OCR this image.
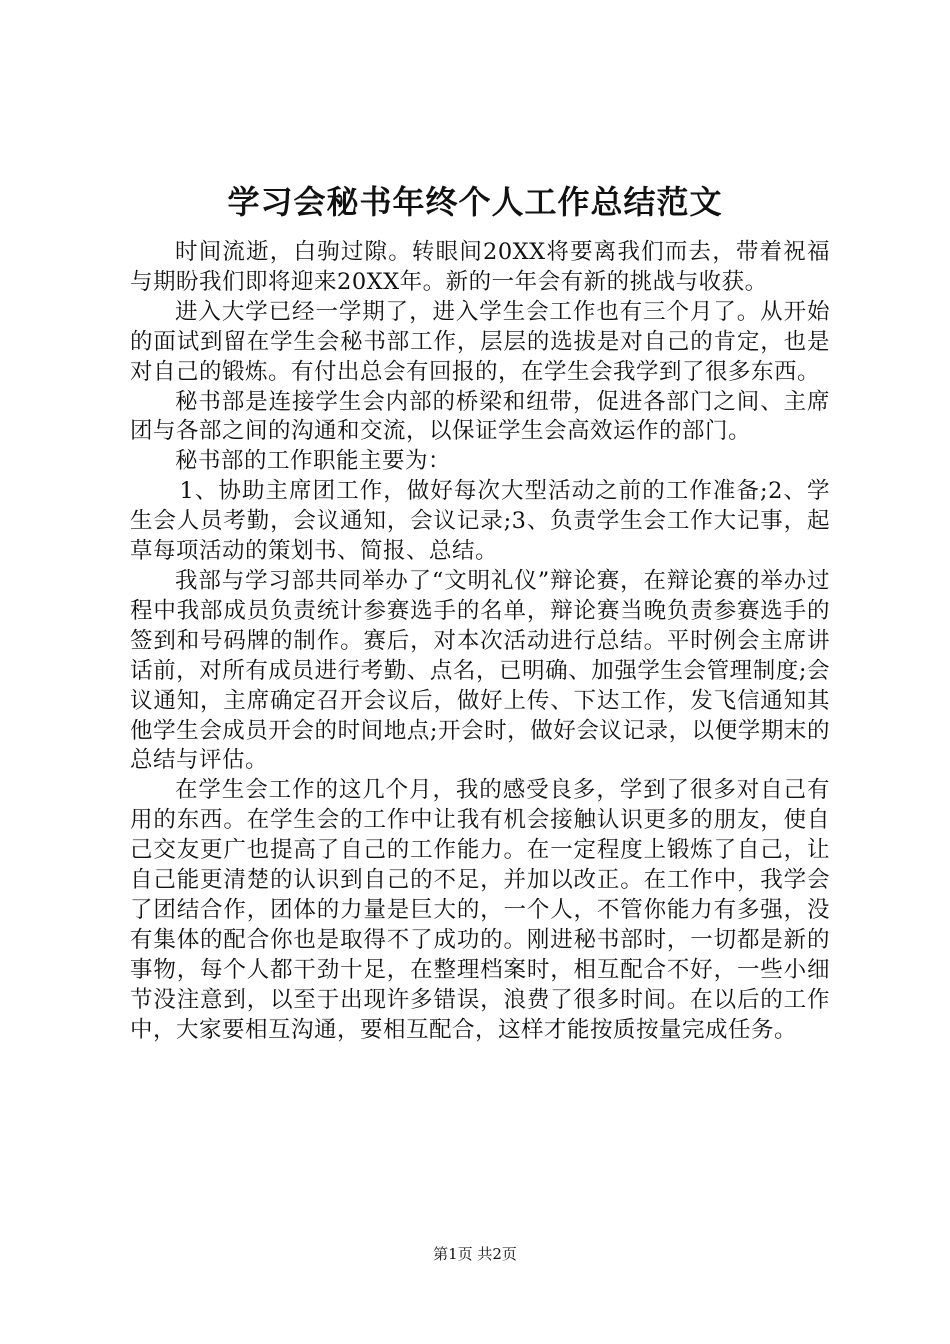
学习会秘书年终个人工作总结范文

时间流逝，白驹过隙。转眼间20XX将要离我们而去，带着祝福与期盼我们即将迎来20XX年。新的一年会有新的挑战与收获。

进入大学已经一学期了，进入学生会工作也有三个月了。从开始的面试到留在学生会秘书部工作，层层的选拔是对自己的肯定，也是对自己的锻炼。有付出总会有回报的，在学生会我学到了很多东西。

秘书部是连接学生会内部的桥梁和纽带，促进各部门之间、主席团与各部之间的沟通和交流，以保证学生会高效运作的部门。

秘书部的工作职能主要为：

1、协助主席团工作，做好每次大型活动之前的工作准备;2、学生会人员考勤，会议通知，会议记录;3、负责学生会工作大记事，起草每项活动的策划书、简报、总结。

我部与学习部共同举办了“文明礼仪”辩论赛，在辩论赛的举办过程中我部成员负责统计参赛选手的名单，辩论赛当晚负责参赛选手的签到和号码牌的制作。赛后，对本次活动进行总结。平时例会主席讲话前，对所有成员进行考勤、点名，已明确、加强学生会管理制度;会议通知，主席确定召开会议后，做好上传、下达工作，发飞信通知其他学生会成员开会的时间地点;开会时，做好会议记录，以便学期末的总结与评估。

在学生会工作的这几个月，我的感受良多，学到了很多对自己有用的东西。在学生会的工作中让我有机会接触认识更多的朋友，使自己交友更广也提高了自己的工作能力。在一定程度上锻炼了自己，让自己能更清楚的认识到自己的不足，并加以改正。在工作中，我学会了团结合作，团体的力量是巨大的，一个人，不管你能力有多强，没有集体的配合你也是取得不了成功的。刚进秘书部时，一切都是新的事物，每个人都干劲十足，在整理档案时，相互配合不好，一些小细节没注意到，以至于出现许多错误，浪费了很多时间。在以后的工作中，大家要相互沟通，要相互配合，这样才能按质按量完成任务。

第1页 共2页
